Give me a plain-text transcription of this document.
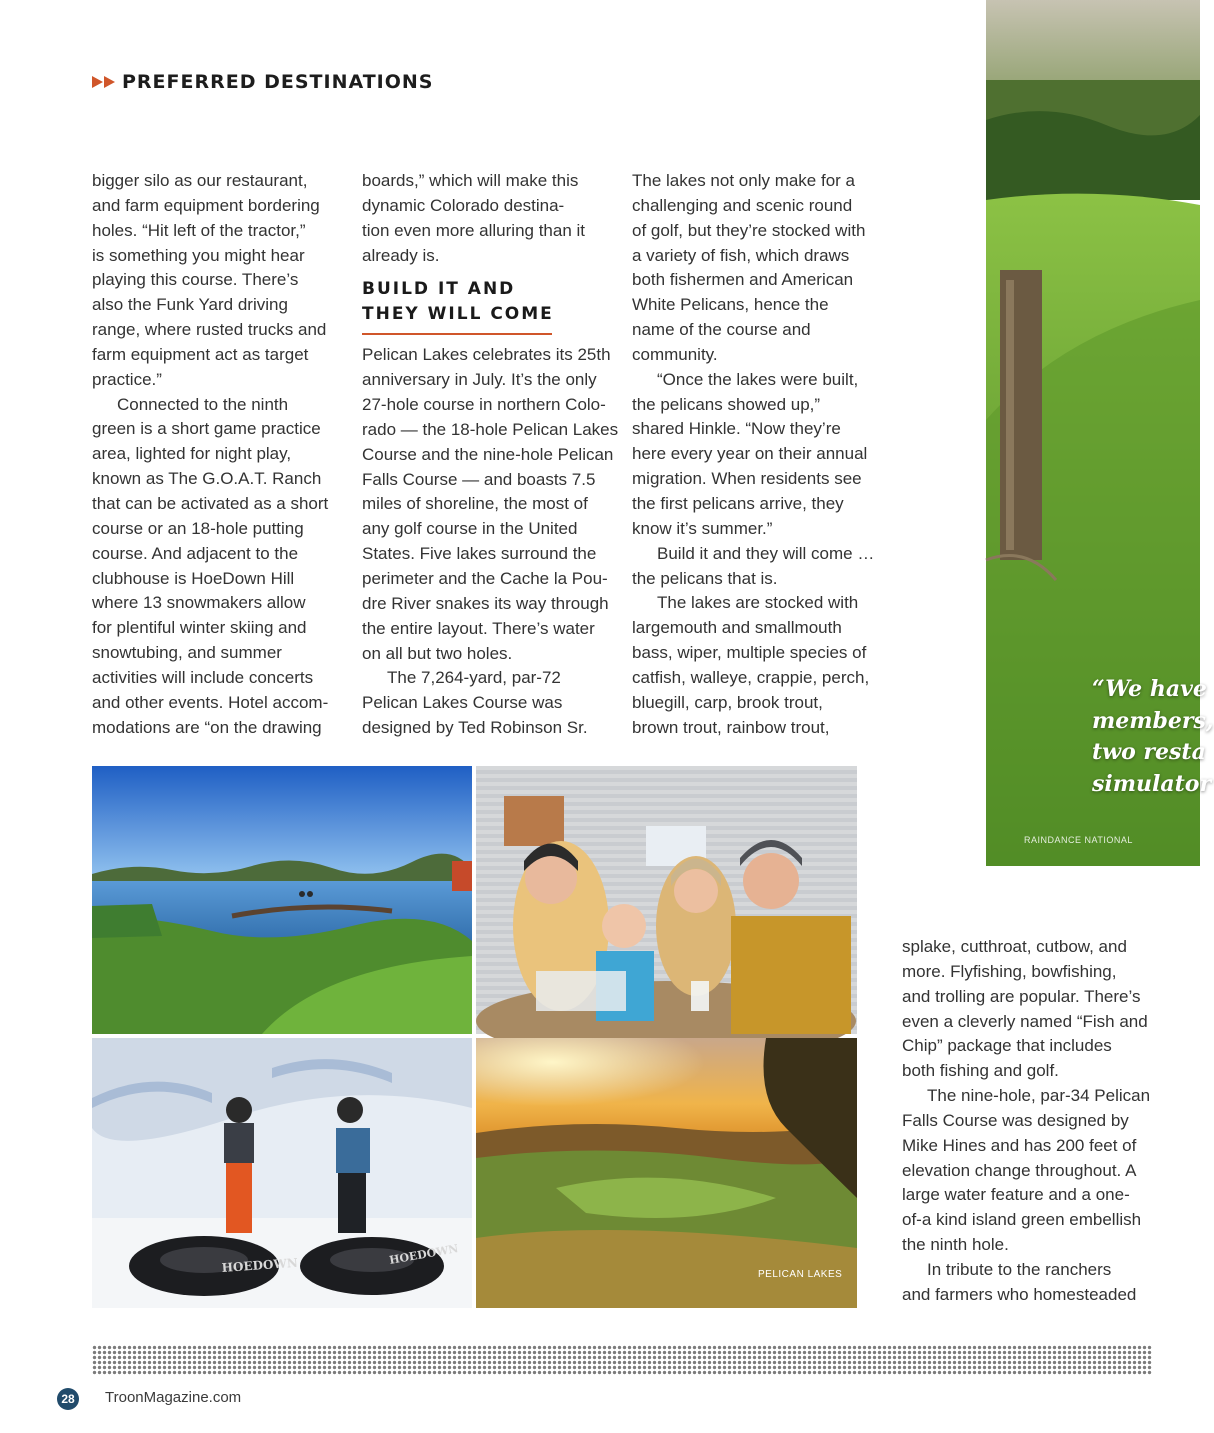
PREFERRED DESTINATIONS

bigger silo as our restaurant,

and farm equipment bordering

holes. “Hit left of the tractor,”

is something you might hear

playing this course. There’s

also the Funk Yard driving

range, where rusted trucks and

farm equipment act as target

practice.”

Connected to the ninth

green is a short game practice

area, lighted for night play,

known as The G.O.A.T. Ranch

that can be activated as a short

course or an 18-hole putting

course. And adjacent to the

clubhouse is HoeDown Hill

where 13 snowmakers allow

for plentiful winter skiing and

snowtubing, and summer

activities will include concerts

and other events. Hotel accom-

modations are “on the drawing

boards,” which will make this

dynamic Colorado destina-

tion even more alluring than it

already is.

BUILD IT AND
THEY WILL COME

Pelican Lakes celebrates its 25th

anniversary in July. It’s the only

27-hole course in northern Colo-

rado — the 18-hole Pelican Lakes

Course and the nine-hole Pelican

Falls Course — and boasts 7.5

miles of shoreline, the most of

any golf course in the United

States. Five lakes surround the

perimeter and the Cache la Pou-

dre River snakes its way through

the entire layout. There’s water

on all but two holes.

The 7,264-yard, par-72

Pelican Lakes Course was

designed by Ted Robinson Sr.

The lakes not only make for a

challenging and scenic round

of golf, but they’re stocked with

a variety of fish, which draws

both fishermen and American

White Pelicans, hence the

name of the course and

community.

“Once the lakes were built,

the pelicans showed up,”

shared Hinkle. “Now they’re

here every year on their annual

migration. When residents see

the first pelicans arrive, they

know it’s summer.”

Build it and they will come …

the pelicans that is.

The lakes are stocked with

largemouth and smallmouth

bass, wiper, multiple species of

catfish, walleye, crappie, perch,

bluegill, carp, brook trout,

brown trout, rainbow trout,

splake, cutthroat, cutbow, and

more. Flyfishing, bowfishing,

and trolling are popular. There’s

even a cleverly named “Fish and

Chip” package that includes

both fishing and golf.

The nine-hole, par-34 Pelican

Falls Course was designed by

Mike Hines and has 200 feet of

elevation change throughout. A

large water feature and a one-

of-a kind island green embellish

the ninth hole.

In tribute to the ranchers

and farmers who homesteaded

HOEDOWN	HOEDOWN
PELICAN LAKES
RAINDANCE NATIONAL
“We have
members,
two resta
simulator
28 TroonMagazine.com
